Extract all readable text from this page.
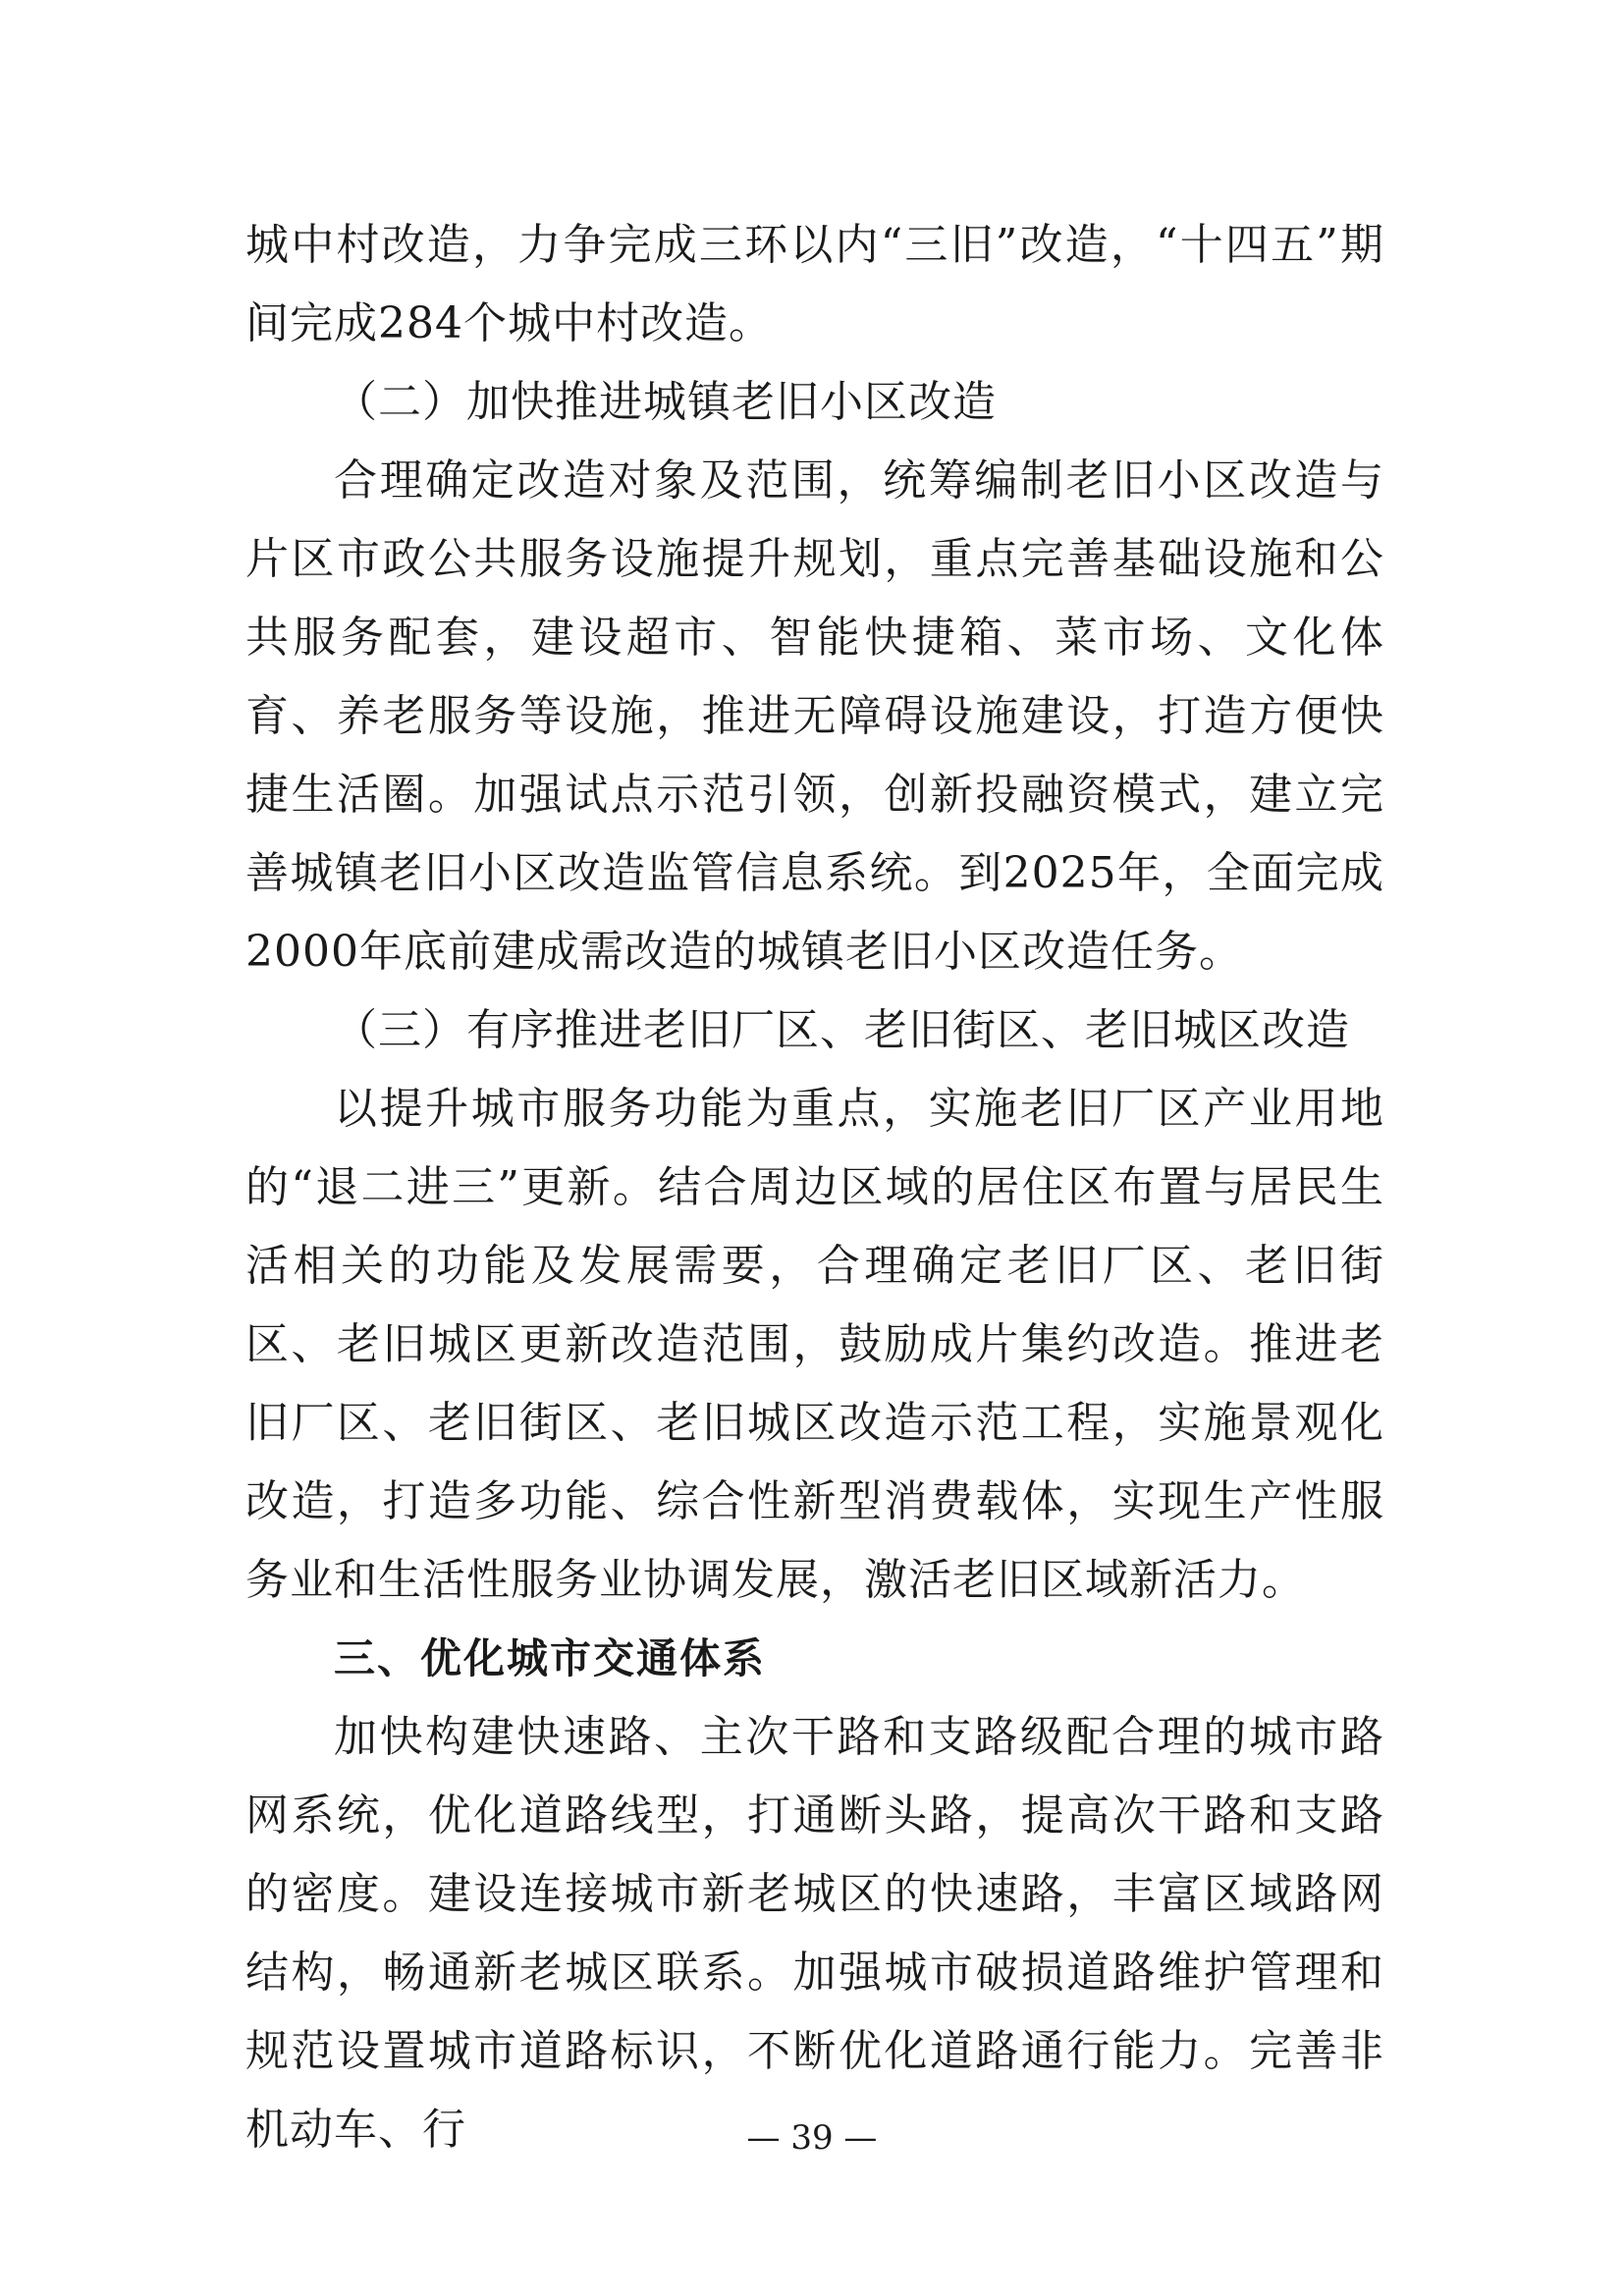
城中村改造，力争完成三环以内“三旧”改造，“十四五”期间完成284个城中村改造。

（二）加快推进城镇老旧小区改造

合理确定改造对象及范围，统筹编制老旧小区改造与片区市政公共服务设施提升规划，重点完善基础设施和公共服务配套，建设超市、智能快捷箱、菜市场、文化体育、养老服务等设施，推进无障碍设施建设，打造方便快捷生活圈。加强试点示范引领，创新投融资模式，建立完善城镇老旧小区改造监管信息系统。到2025年，全面完成2000年底前建成需改造的城镇老旧小区改造任务。

（三）有序推进老旧厂区、老旧街区、老旧城区改造

以提升城市服务功能为重点，实施老旧厂区产业用地的“退二进三”更新。结合周边区域的居住区布置与居民生活相关的功能及发展需要，合理确定老旧厂区、老旧街区、老旧城区更新改造范围，鼓励成片集约改造。推进老旧厂区、老旧街区、老旧城区改造示范工程，实施景观化改造，打造多功能、综合性新型消费载体，实现生产性服务业和生活性服务业协调发展，激活老旧区域新活力。

三、优化城市交通体系

加快构建快速路、主次干路和支路级配合理的城市路网系统，优化道路线型，打通断头路，提高次干路和支路的密度。建设连接城市新老城区的快速路，丰富区域路网结构，畅通新老城区联系。加强城市破损道路维护管理和规范设置城市道路标识，不断优化道路通行能力。完善非机动车、行	— 39 —
